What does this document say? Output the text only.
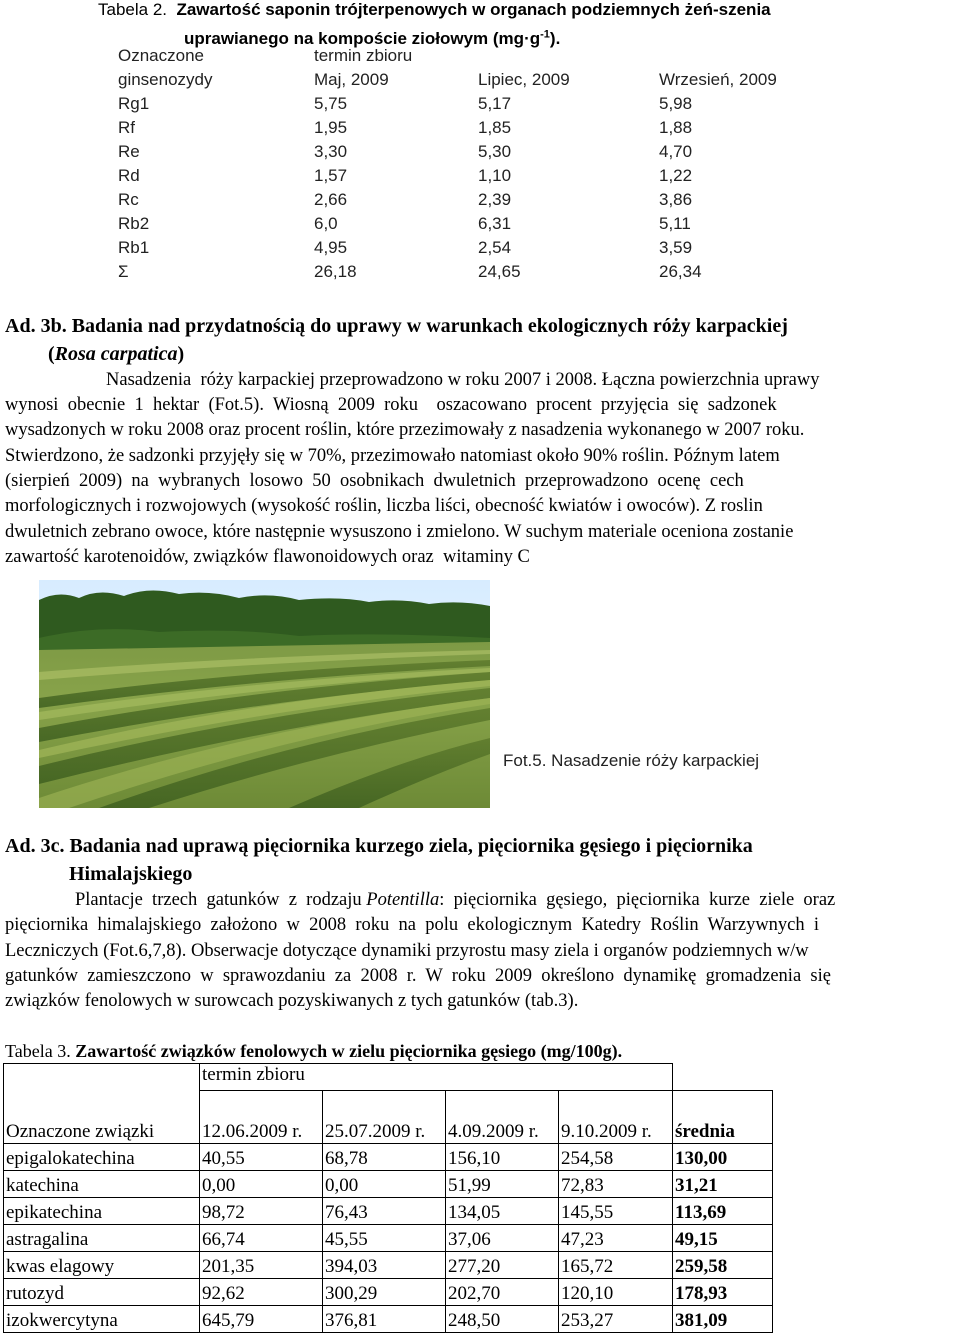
Tabela 2. Zawartość saponin trójterpenowych w organach podziemnych żeń-szenia
uprawianego na kompoście ziołowym $(mg\cdot g^{-1})$.
Oznaczone	termin zbioru
ginsenozydy	Maj, 2009	Lipiec, 2009	Wrzesień, 2009
Rg1	5,75	5,17	5,98
Rf	1,95	1,85	1,88
Re	3,30	5,30	4,70
Rd	1,57	1,10	1,22
Rc	2,66	2,39	3,86
Rb2	6,0	6,31	5,11
Rb1	4,95	2,54	3,59
Σ	26,18	24,65	26,34
Ad. 3b. Badania nad przydatnością do uprawy w warunkach ekologicznych róży karpackiej
(Rosa carpatica)
Nasadzenia  róży karpackiej przeprowadzono w roku 2007 i 2008. Łączna powierzchnia uprawy
wynosi  obecnie  1  hektar  (Fot.5).  Wiosną  2009  roku    oszacowano  procent  przyjęcia  się  sadzonek
wysadzonych w roku 2008 oraz procent roślin, które przezimowały z nasadzenia wykonanego w 2007 roku.
Stwierdzono, że sadzonki przyjęły się w 70%, przezimowało natomiast około 90% roślin. Późnym latem
(sierpień  2009)  na  wybranych  losowo  50  osobnikach  dwuletnich  przeprowadzono  ocenę  cech
morfologicznych i rozwojowych (wysokość roślin, liczba liści, obecność kwiatów i owoców). Z roslin
dwuletnich zebrano owoce, które następnie wysuszono i zmielono. W suchym materiale oceniona zostanie
zawartość karotenoidów, związków flawonoidowych oraz  witaminy C
Fot.5. Nasadzenie róży karpackiej
Ad. 3c. Badania nad uprawą pięciornika kurzego ziela, pięciornika gęsiego i pięciornika
Himalajskiego
Plantacje  trzech  gatunków  z  rodzaju Potentilla:  pięciornika  gęsiego,  pięciornika  kurze  ziele  oraz
pięciornika  himalajskiego  założono  w  2008  roku  na  polu  ekologicznym  Katedry  Roślin  Warzywnych  i
Leczniczych (Fot.6,7,8). Obserwacje dotyczące dynamiki przyrostu masy ziela i organów podziemnych w/w
gatunków  zamieszczono  w  sprawozdaniu  za  2008  r.  W  roku  2009  określono  dynamikę  gromadzenia  się
związków fenolowych w surowcach pozyskiwanych z tych gatunków (tab.3).
Tabela 3. Zawartość związków fenolowych w zielu pięciornika gęsiego (mg/100g).
	termin zbioru				
Oznaczone związki	12.06.2009 r.	25.07.2009 r.	4.09.2009 r.	9.10.2009 r.	średnia
epigalokatechina	40,55	68,78	156,10	254,58	130,00
katechina	0,00	0,00	51,99	72,83	31,21
epikatechina	98,72	76,43	134,05	145,55	113,69
astragalina	66,74	45,55	37,06	47,23	49,15
kwas elagowy	201,35	394,03	277,20	165,72	259,58
rutozyd	92,62	300,29	202,70	120,10	178,93
izokwercytyna	645,79	376,81	248,50	253,27	381,09
